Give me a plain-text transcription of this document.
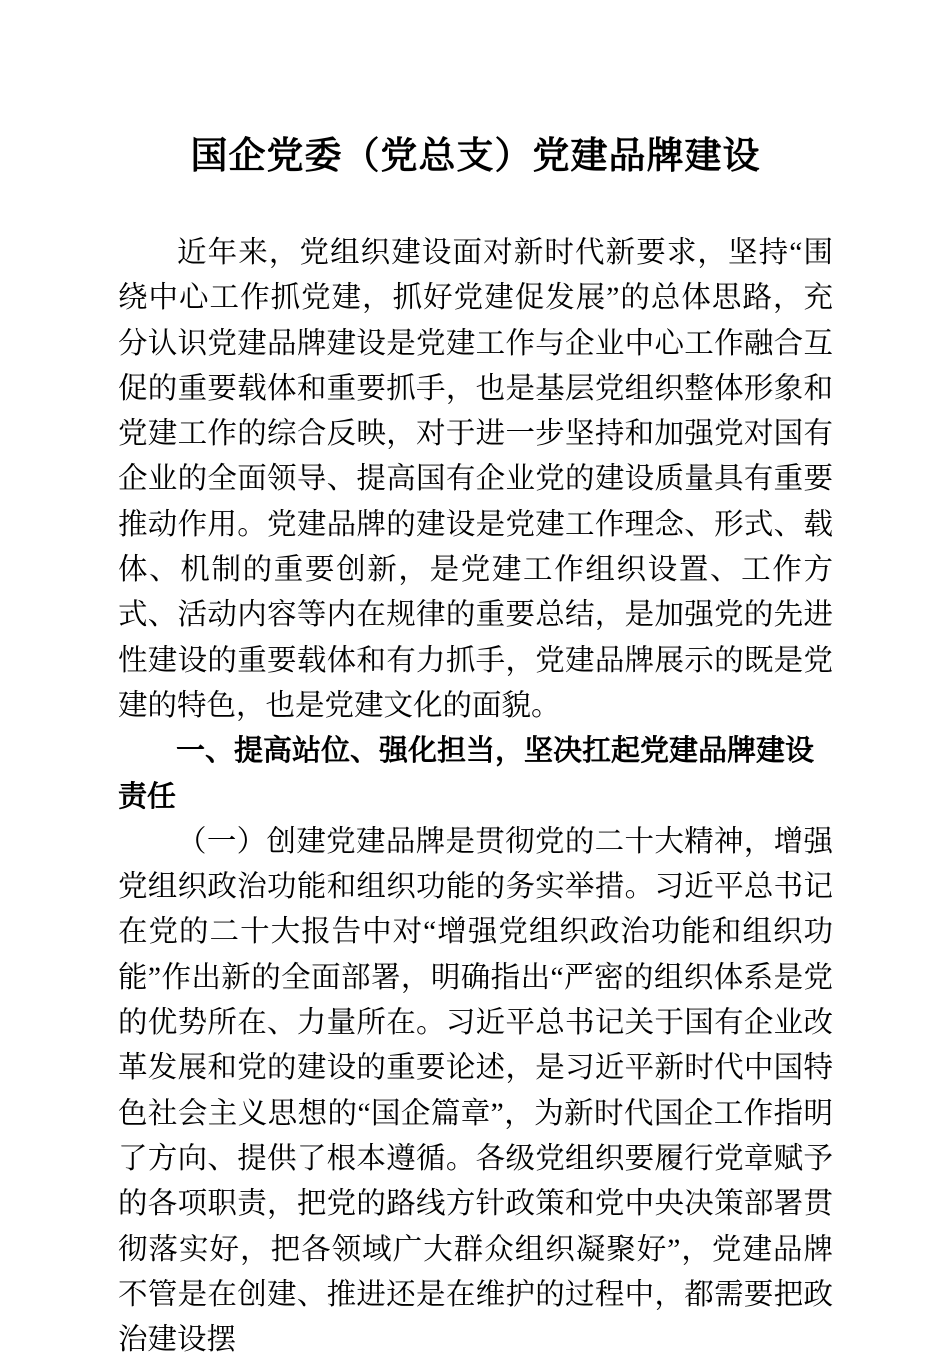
国企党委（党总支）党建品牌建设

近年来，党组织建设面对新时代新要求，坚持“围绕中心工作抓党建，抓好党建促发展”的总体思路，充分认识党建品牌建设是党建工作与企业中心工作融合互促的重要载体和重要抓手，也是基层党组织整体形象和党建工作的综合反映，对于进一步坚持和加强党对国有企业的全面领导、提高国有企业党的建设质量具有重要推动作用。党建品牌的建设是党建工作理念、形式、载体、机制的重要创新，是党建工作组织设置、工作方式、活动内容等内在规律的重要总结，是加强党的先进性建设的重要载体和有力抓手，党建品牌展示的既是党建的特色，也是党建文化的面貌。

一、提高站位、强化担当，坚决扛起党建品牌建设责任

（一）创建党建品牌是贯彻党的二十大精神，增强党组织政治功能和组织功能的务实举措。习近平总书记在党的二十大报告中对“增强党组织政治功能和组织功能”作出新的全面部署，明确指出“严密的组织体系是党的优势所在、力量所在。习近平总书记关于国有企业改革发展和党的建设的重要论述，是习近平新时代中国特色社会主义思想的“国企篇章”，为新时代国企工作指明了方向、提供了根本遵循。各级党组织要履行党章赋予的各项职责，把党的路线方针政策和党中央决策部署贯彻落实好，把各领域广大群众组织凝聚好”，党建品牌不管是在创建、推进还是在维护的过程中，都需要把政治建设摆
